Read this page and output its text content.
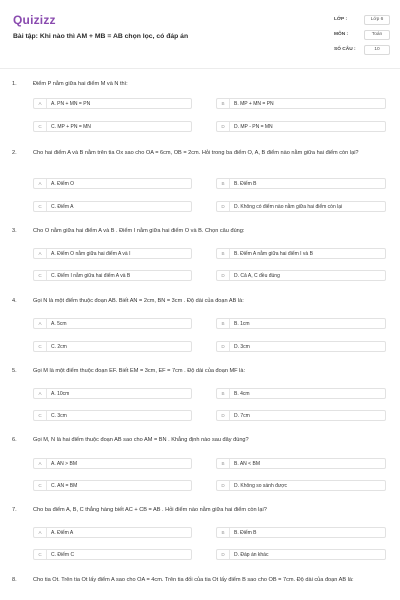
Quizizz
Bài tập: Khi nào thì AM + MB = AB chọn lọc, có đáp án
LỚP :	Lớp 6
MÔN :	Toán
SỐ CÂU :	10
1.	Điểm P nằm giữa hai điểm M và N thì:
A	A. PN + MN = PN	B	B. MP + MN = PN
C	C. MP + PN = MN	D	D. MP - PN = MN
2.	Cho hai điểm A và B nằm trên tia Ox sao cho OA = 6cm, OB = 2cm. Hỏi trong ba điểm O, A, B điểm nào nằm giữa hai điểm còn lại?
A	A. Điểm O	B	B. Điểm B
C	C. Điểm A	D	D. Không có điểm nào nằm giữa hai điểm còn lại
3.	Cho O nằm giữa hai điểm A và B . Điểm I nằm giữa hai điểm O và B. Chọn câu đúng:
A	A. Điểm O nằm giữa hai điểm A và I	B	B. Điểm A nằm giữa hai điểm I và B
C	C. Điểm I nằm giữa hai điểm A và B	D	D. Cả A, C đều đúng
4.	Gọi N là một điểm thuộc đoạn AB. Biết AN = 2cm, BN = 3cm . Độ dài của đoạn AB là:
A	A. 5cm	B	B. 1cm
C	C. 2cm	D	D. 3cm
5.	Gọi M là một điểm thuộc đoạn EF. Biết EM = 3cm, EF = 7cm . Độ dài của đoạn MF là:
A	A. 10cm	B	B. 4cm
C	C. 3cm	D	D. 7cm
6.	Gọi M, N là hai điểm thuộc đoạn AB sao cho AM = BN . Khẳng định nào sau đây đúng?
A	A. AN > BM	B	B. AN < BM
C	C. AN = BM	D	D. Không so sánh được
7.	Cho ba điểm A, B, C thẳng hàng biết AC + CB = AB . Hỏi điểm nào nằm giữa hai điểm còn lại?
A	A. Điểm A	B	B. Điểm B
C	C. Điểm C	D	D. Đáp án khác
8.	Cho tia Ot. Trên tia Ot lấy điểm A sao cho OA = 4cm. Trên tia đối của tia Ot lấy điểm B sao cho OB = 7cm. Độ dài của đoạn AB là:
